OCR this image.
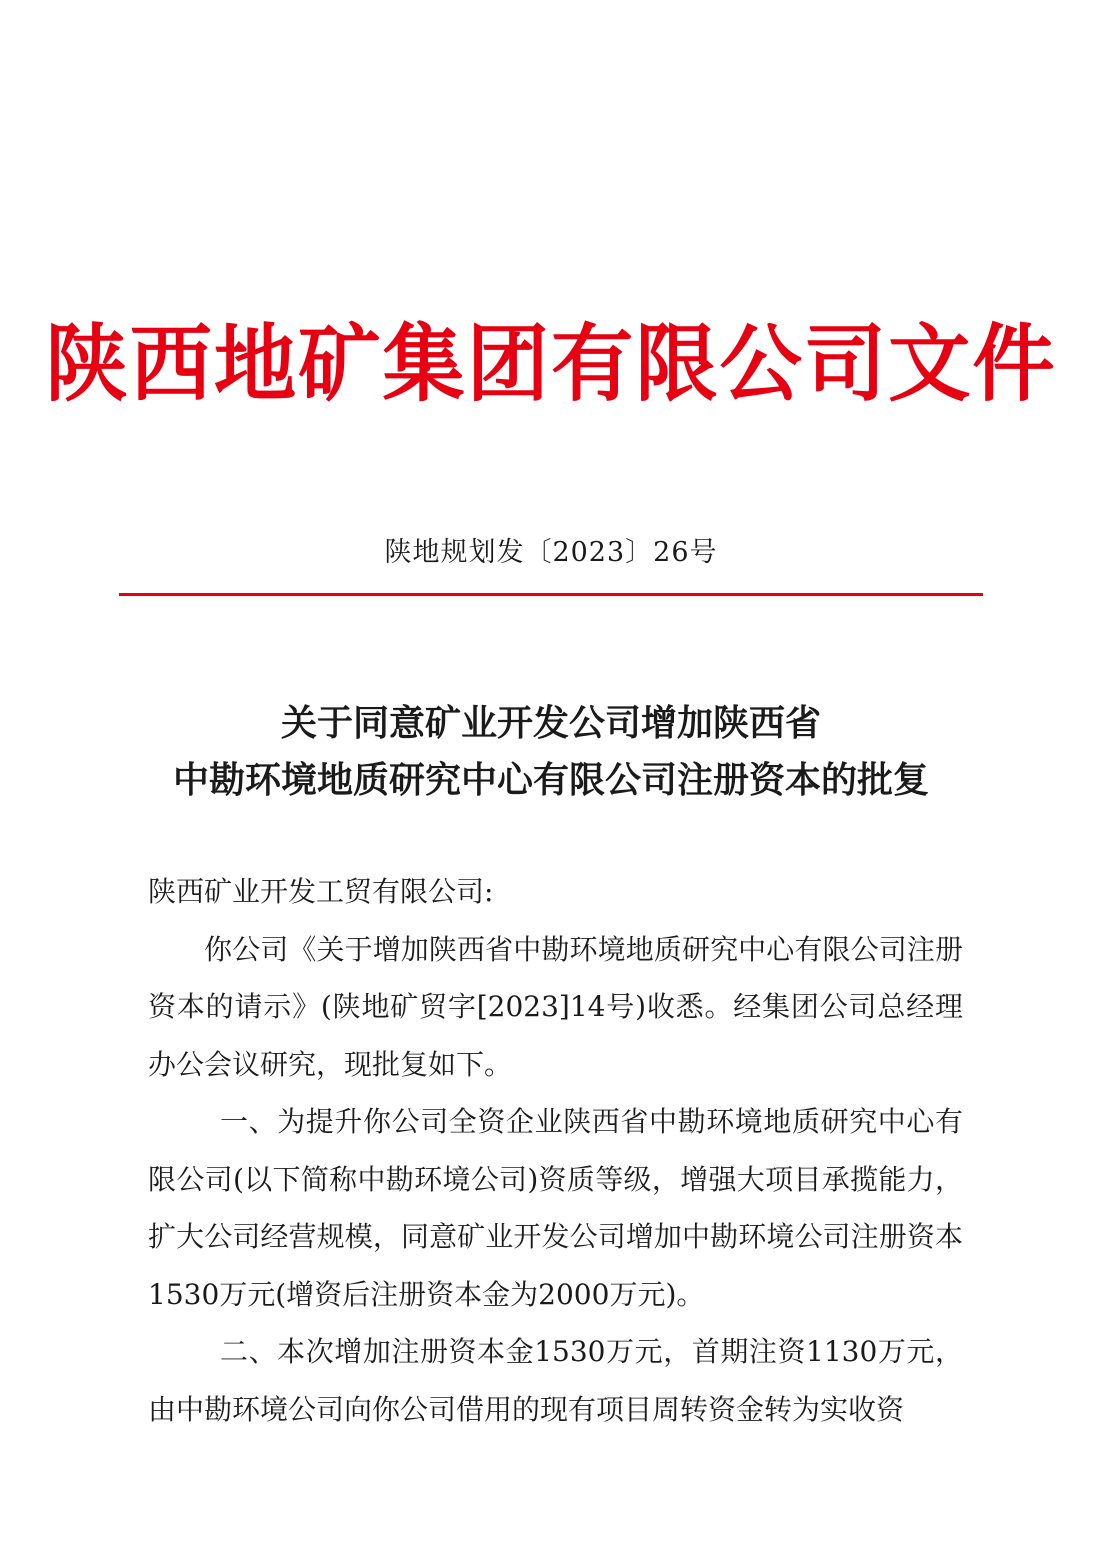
陕西地矿集团有限公司文件
陕地规划发〔2023〕26号
关于同意矿业开发公司增加陕西省
中勘环境地质研究中心有限公司注册资本的批复

陕西矿业开发工贸有限公司:

你公司《关于增加陕西省中勘环境地质研究中心有限公司注册资本的请示》(陕地矿贸字[2023]14号)收悉。经集团公司总经理办公会议研究，现批复如下。

一、为提升你公司全资企业陕西省中勘环境地质研究中心有限公司(以下简称中勘环境公司)资质等级，增强大项目承揽能力，扩大公司经营规模，同意矿业开发公司增加中勘环境公司注册资本1530万元(增资后注册资本金为2000万元)。

二、本次增加注册资本金1530万元，首期注资1130万元，由中勘环境公司向你公司借用的现有项目周转资金转为实收资
